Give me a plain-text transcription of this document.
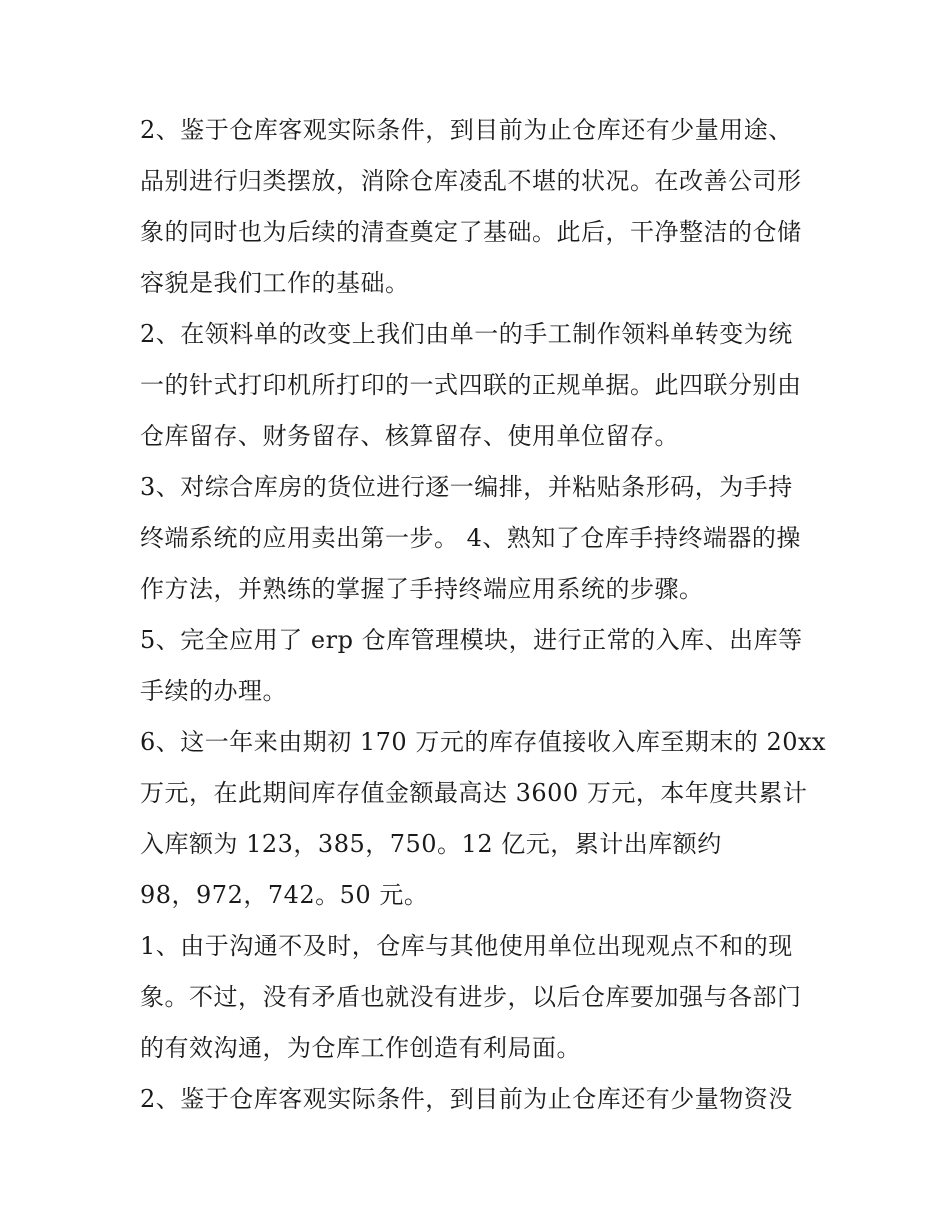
2、鉴于仓库客观实际条件，到目前为止仓库还有少量用途、
品别进行归类摆放，消除仓库凌乱不堪的状况。在改善公司形
象的同时也为后续的清查奠定了基础。此后，干净整洁的仓储
容貌是我们工作的基础。
2、在领料单的改变上我们由单一的手工制作领料单转变为统
一的针式打印机所打印的一式四联的正规单据。此四联分别由
仓库留存、财务留存、核算留存、使用单位留存。
3、对综合库房的货位进行逐一编排，并粘贴条形码，为手持
终端系统的应用卖出第一步。 4、熟知了仓库手持终端器的操
作方法，并熟练的掌握了手持终端应用系统的步骤。
5、完全应用了 erp 仓库管理模块，进行正常的入库、出库等
手续的办理。
6、这一年来由期初 170 万元的库存值接收入库至期末的 20xx
万元，在此期间库存值金额最高达 3600 万元，本年度共累计
入库额为 123，385，750。12 亿元，累计出库额约
98，972，742。50 元。
1、由于沟通不及时，仓库与其他使用单位出现观点不和的现
象。不过，没有矛盾也就没有进步，以后仓库要加强与各部门
的有效沟通，为仓库工作创造有利局面。
2、鉴于仓库客观实际条件，到目前为止仓库还有少量物资没
